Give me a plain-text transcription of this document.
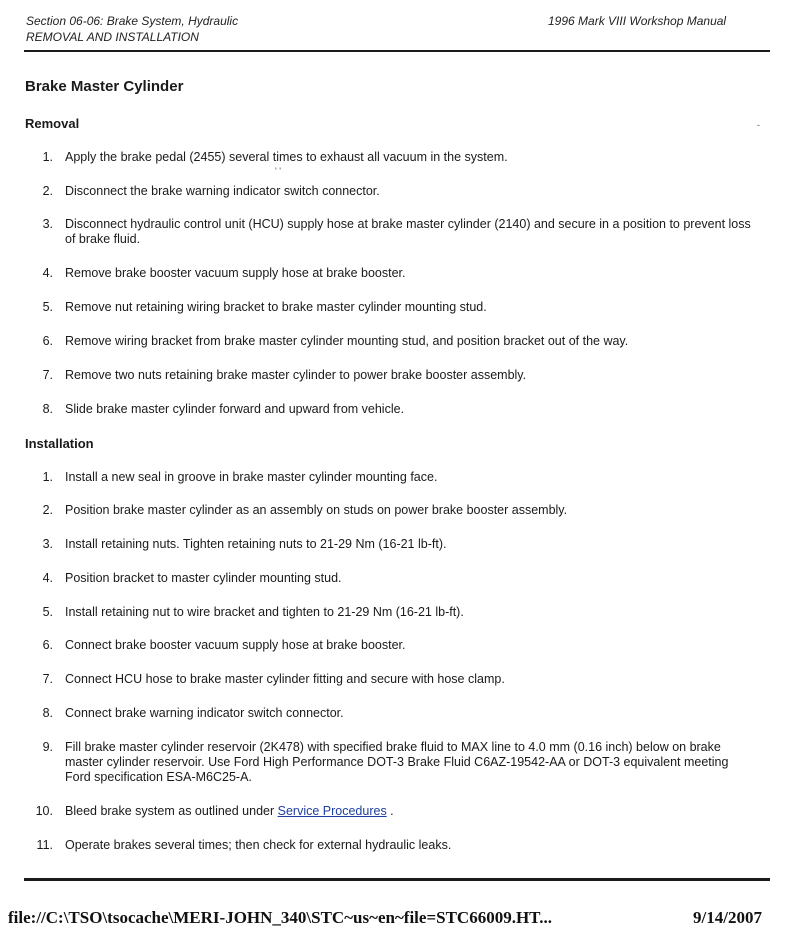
Section 06-06: Brake System, Hydraulic
REMOVAL AND INSTALLATION
1996 Mark VIII Workshop Manual
Brake Master Cylinder
' '
-
Removal
1. Apply the brake pedal (2455) several times to exhaust all vacuum in the system.
2. Disconnect the brake warning indicator switch connector.
3. Disconnect hydraulic control unit (HCU) supply hose at brake master cylinder (2140) and secure in a position to prevent loss of brake fluid.
4. Remove brake booster vacuum supply hose at brake booster.
5. Remove nut retaining wiring bracket to brake master cylinder mounting stud.
6. Remove wiring bracket from brake master cylinder mounting stud, and position bracket out of the way.
7. Remove two nuts retaining brake master cylinder to power brake booster assembly.
8. Slide brake master cylinder forward and upward from vehicle.
Installation
1. Install a new seal in groove in brake master cylinder mounting face.
2. Position brake master cylinder as an assembly on studs on power brake booster assembly.
3. Install retaining nuts. Tighten retaining nuts to 21-29 Nm (16-21 lb-ft).
4. Position bracket to master cylinder mounting stud.
5. Install retaining nut to wire bracket and tighten to 21-29 Nm (16-21 lb-ft).
6. Connect brake booster vacuum supply hose at brake booster.
7. Connect HCU hose to brake master cylinder fitting and secure with hose clamp.
8. Connect brake warning indicator switch connector.
9. Fill brake master cylinder reservoir (2K478) with specified brake fluid to MAX line to 4.0 mm (0.16 inch) below on brake master cylinder reservoir. Use Ford High Performance DOT-3 Brake Fluid C6AZ-19542-AA or DOT-3 equivalent meeting Ford specification ESA-M6C25-A.
10. Bleed brake system as outlined under Service Procedures .
11. Operate brakes several times; then check for external hydraulic leaks.
file://C:\TSO\tsocache\MERI-JOHN_340\STC~us~en~file=STC66009.HT...	9/14/2007
